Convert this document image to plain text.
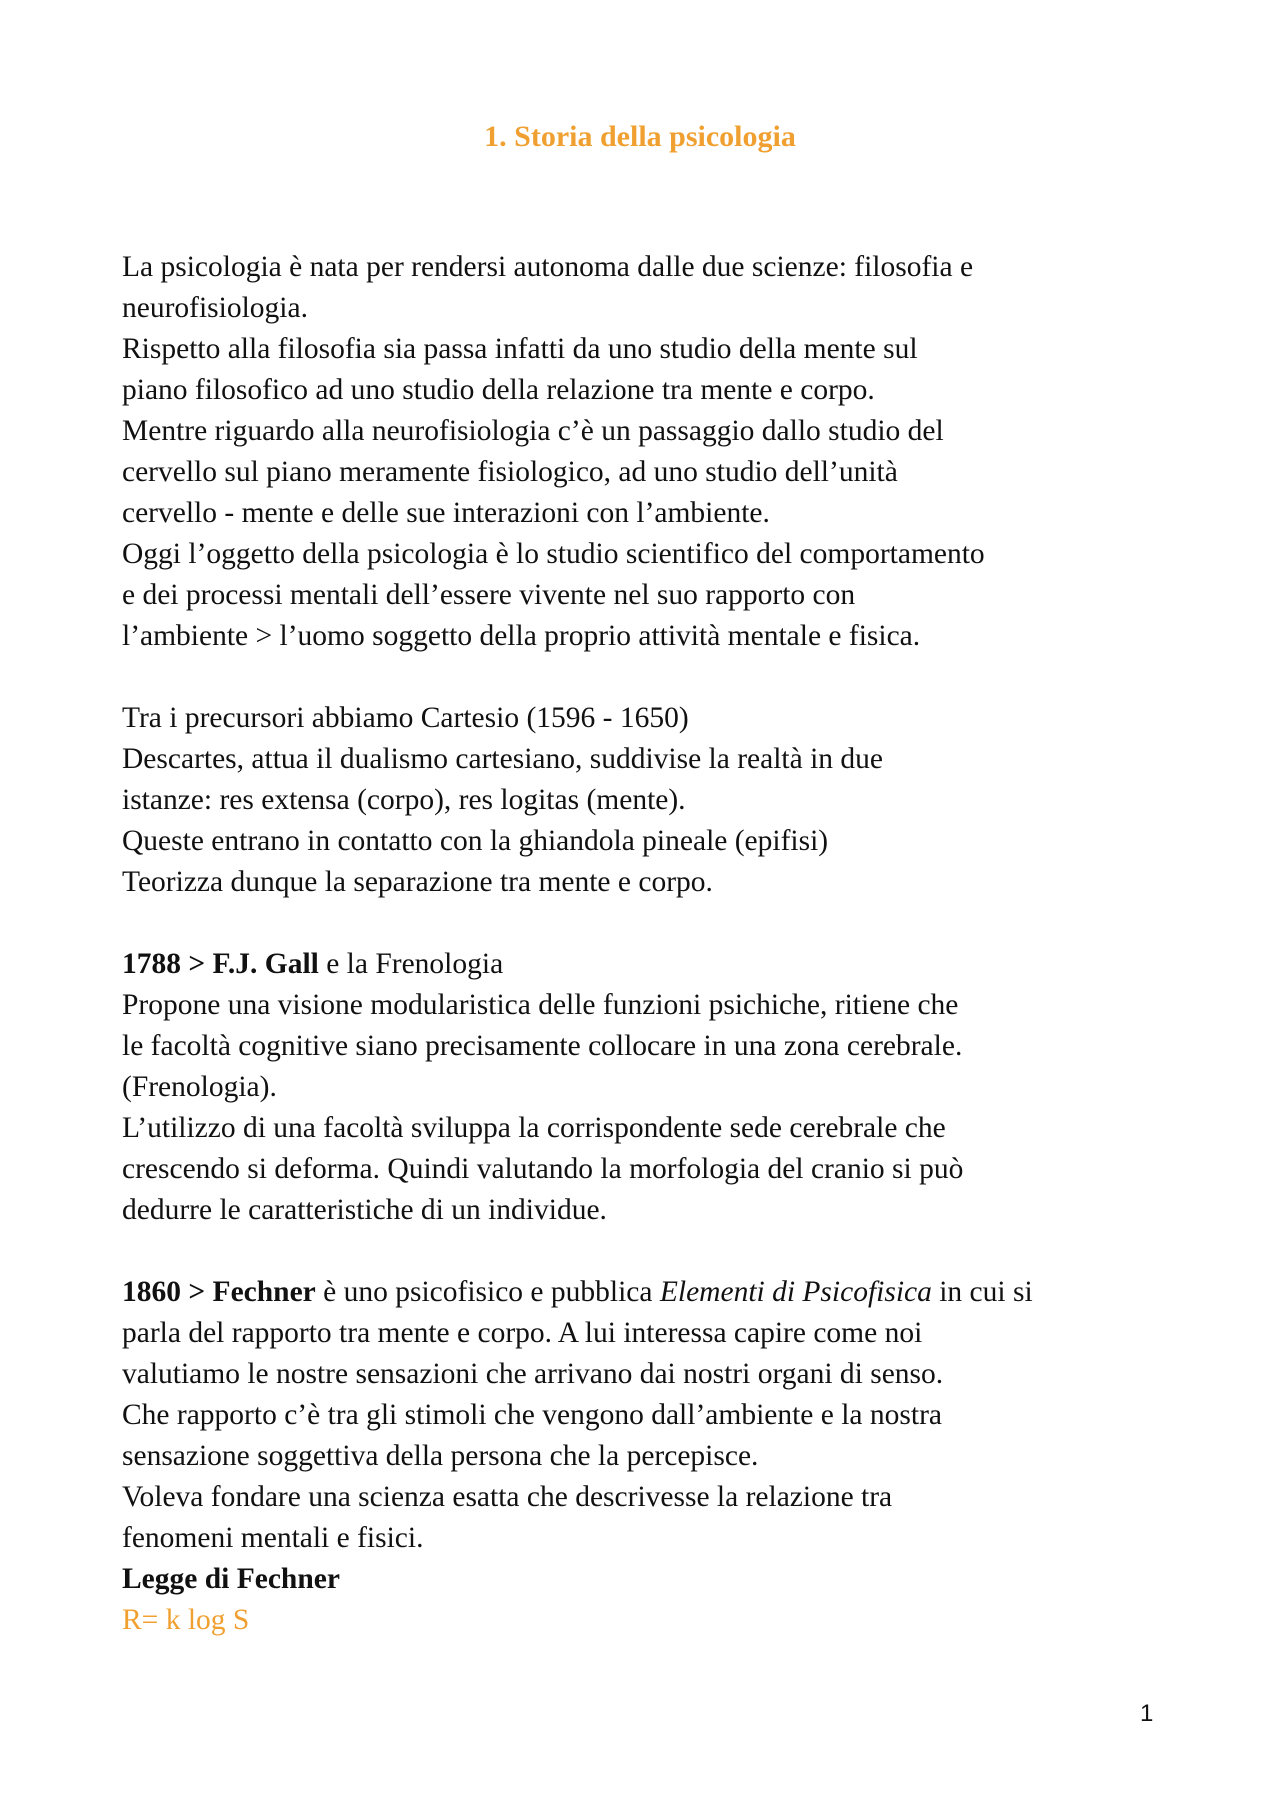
1. Storia della psicologia
La psicologia è nata per rendersi autonoma dalle due scienze: filosofia e
neurofisiologia.
Rispetto alla filosofia sia passa infatti da uno studio della mente sul
piano filosofico ad uno studio della relazione tra mente e corpo.
Mentre riguardo alla neurofisiologia c’è un passaggio dallo studio del
cervello sul piano meramente fisiologico, ad uno studio dell’unità
cervello - mente e delle sue interazioni con l’ambiente.
Oggi l’oggetto della psicologia è lo studio scientifico del comportamento
e dei processi mentali dell’essere vivente nel suo rapporto con
l’ambiente > l’uomo soggetto della proprio attività mentale e fisica.
Tra i precursori abbiamo Cartesio (1596 - 1650)
Descartes, attua il dualismo cartesiano, suddivise la realtà in due
istanze: res extensa (corpo), res logitas (mente).
Queste entrano in contatto con la ghiandola pineale (epifisi)
Teorizza dunque la separazione tra mente e corpo.
1788 > F.J. Gall e la Frenologia
Propone una visione modularistica delle funzioni psichiche, ritiene che
le facoltà cognitive siano precisamente collocare in una zona cerebrale.
(Frenologia).
L’utilizzo di una facoltà sviluppa la corrispondente sede cerebrale che
crescendo si deforma. Quindi valutando la morfologia del cranio si può
dedurre le caratteristiche di un individue.
1860 > Fechner è uno psicofisico e pubblica Elementi di Psicofisica in cui si
parla del rapporto tra mente e corpo. A lui interessa capire come noi
valutiamo le nostre sensazioni che arrivano dai nostri organi di senso.
Che rapporto c’è tra gli stimoli che vengono dall’ambiente e la nostra
sensazione soggettiva della persona che la percepisce.
Voleva fondare una scienza esatta che descrivesse la relazione tra
fenomeni mentali e fisici.
Legge di Fechner
R= k log S
1
